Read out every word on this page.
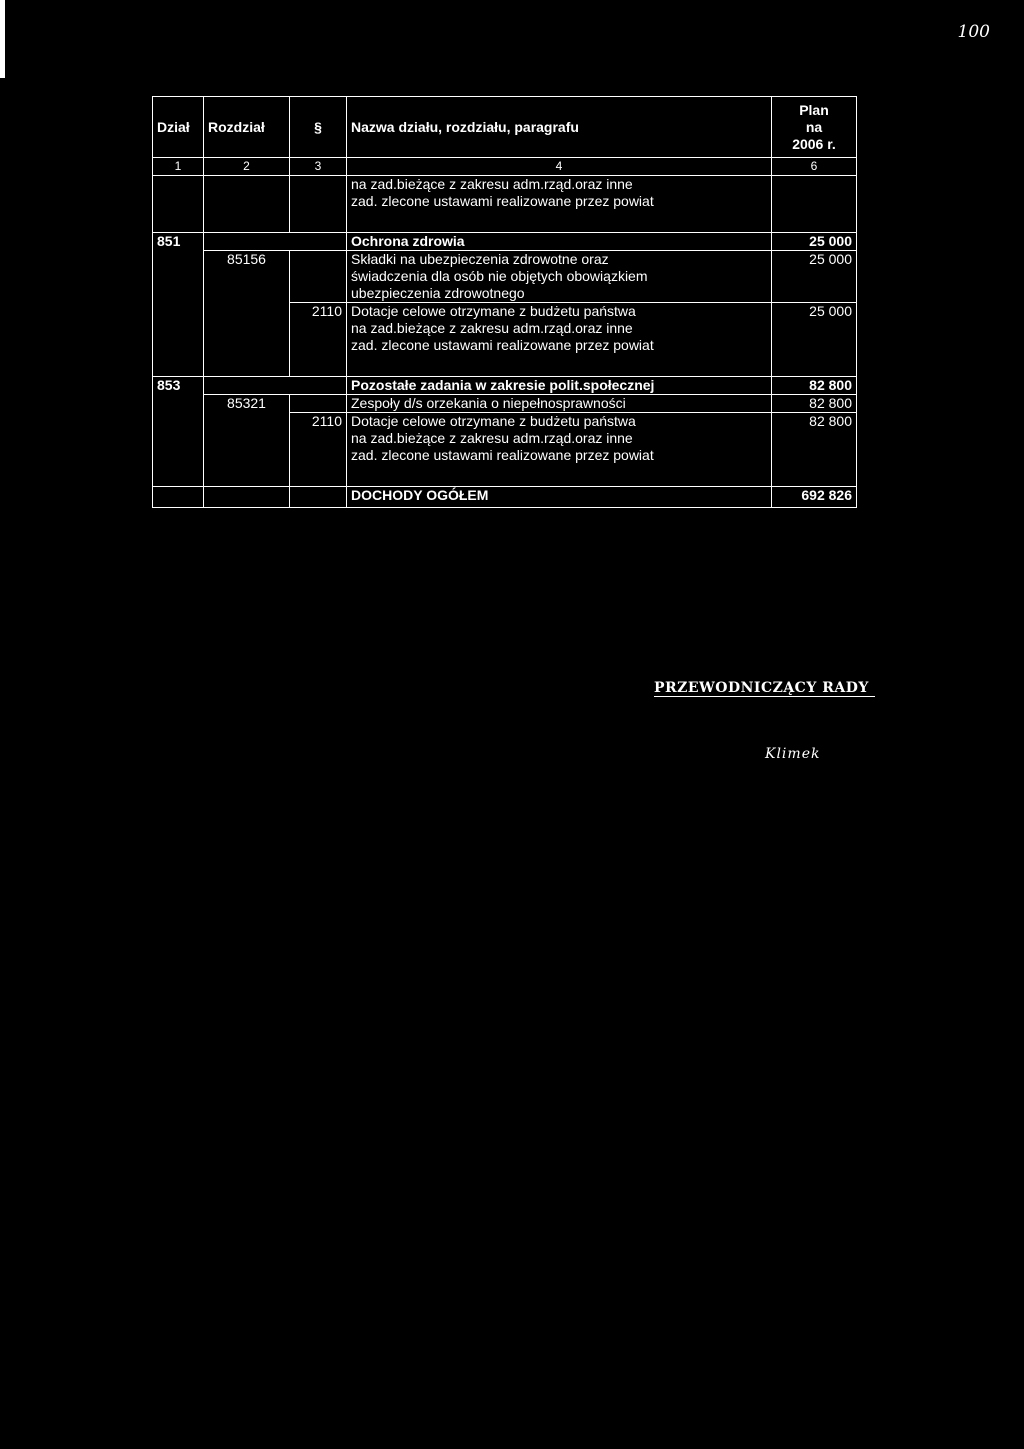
100
Dział	Rozdział	§	Nazwa działu, rozdziału, paragrafu	Plan
na
2006 r.

1	2	3	4	6

			na zad.bieżące z zakresu adm.rząd.oraz inne
zad. zlecone ustawami realizowane przez powiat	

851			Ochrona zdrowia	25 000
	85156		Składki na ubezpieczenia zdrowotne oraz
świadczenia dla osób nie objętych obowiązkiem
ubezpieczenia zdrowotnego	25 000
		2110	Dotacje celowe otrzymane z budżetu państwa
na zad.bieżące z zakresu adm.rząd.oraz inne
zad. zlecone ustawami realizowane przez powiat	25 000

853			Pozostałe zadania w zakresie polit.społecznej	82 800
	85321		Zespoły d/s orzekania o niepełnosprawności	82 800
		2110	Dotacje celowe otrzymane z budżetu państwa
na zad.bieżące z zakresu adm.rząd.oraz inne
zad. zlecone ustawami realizowane przez powiat	82 800

			DOCHODY OGÓŁEM	692 826
PRZEWODNICZĄCY RADY
Klimek
